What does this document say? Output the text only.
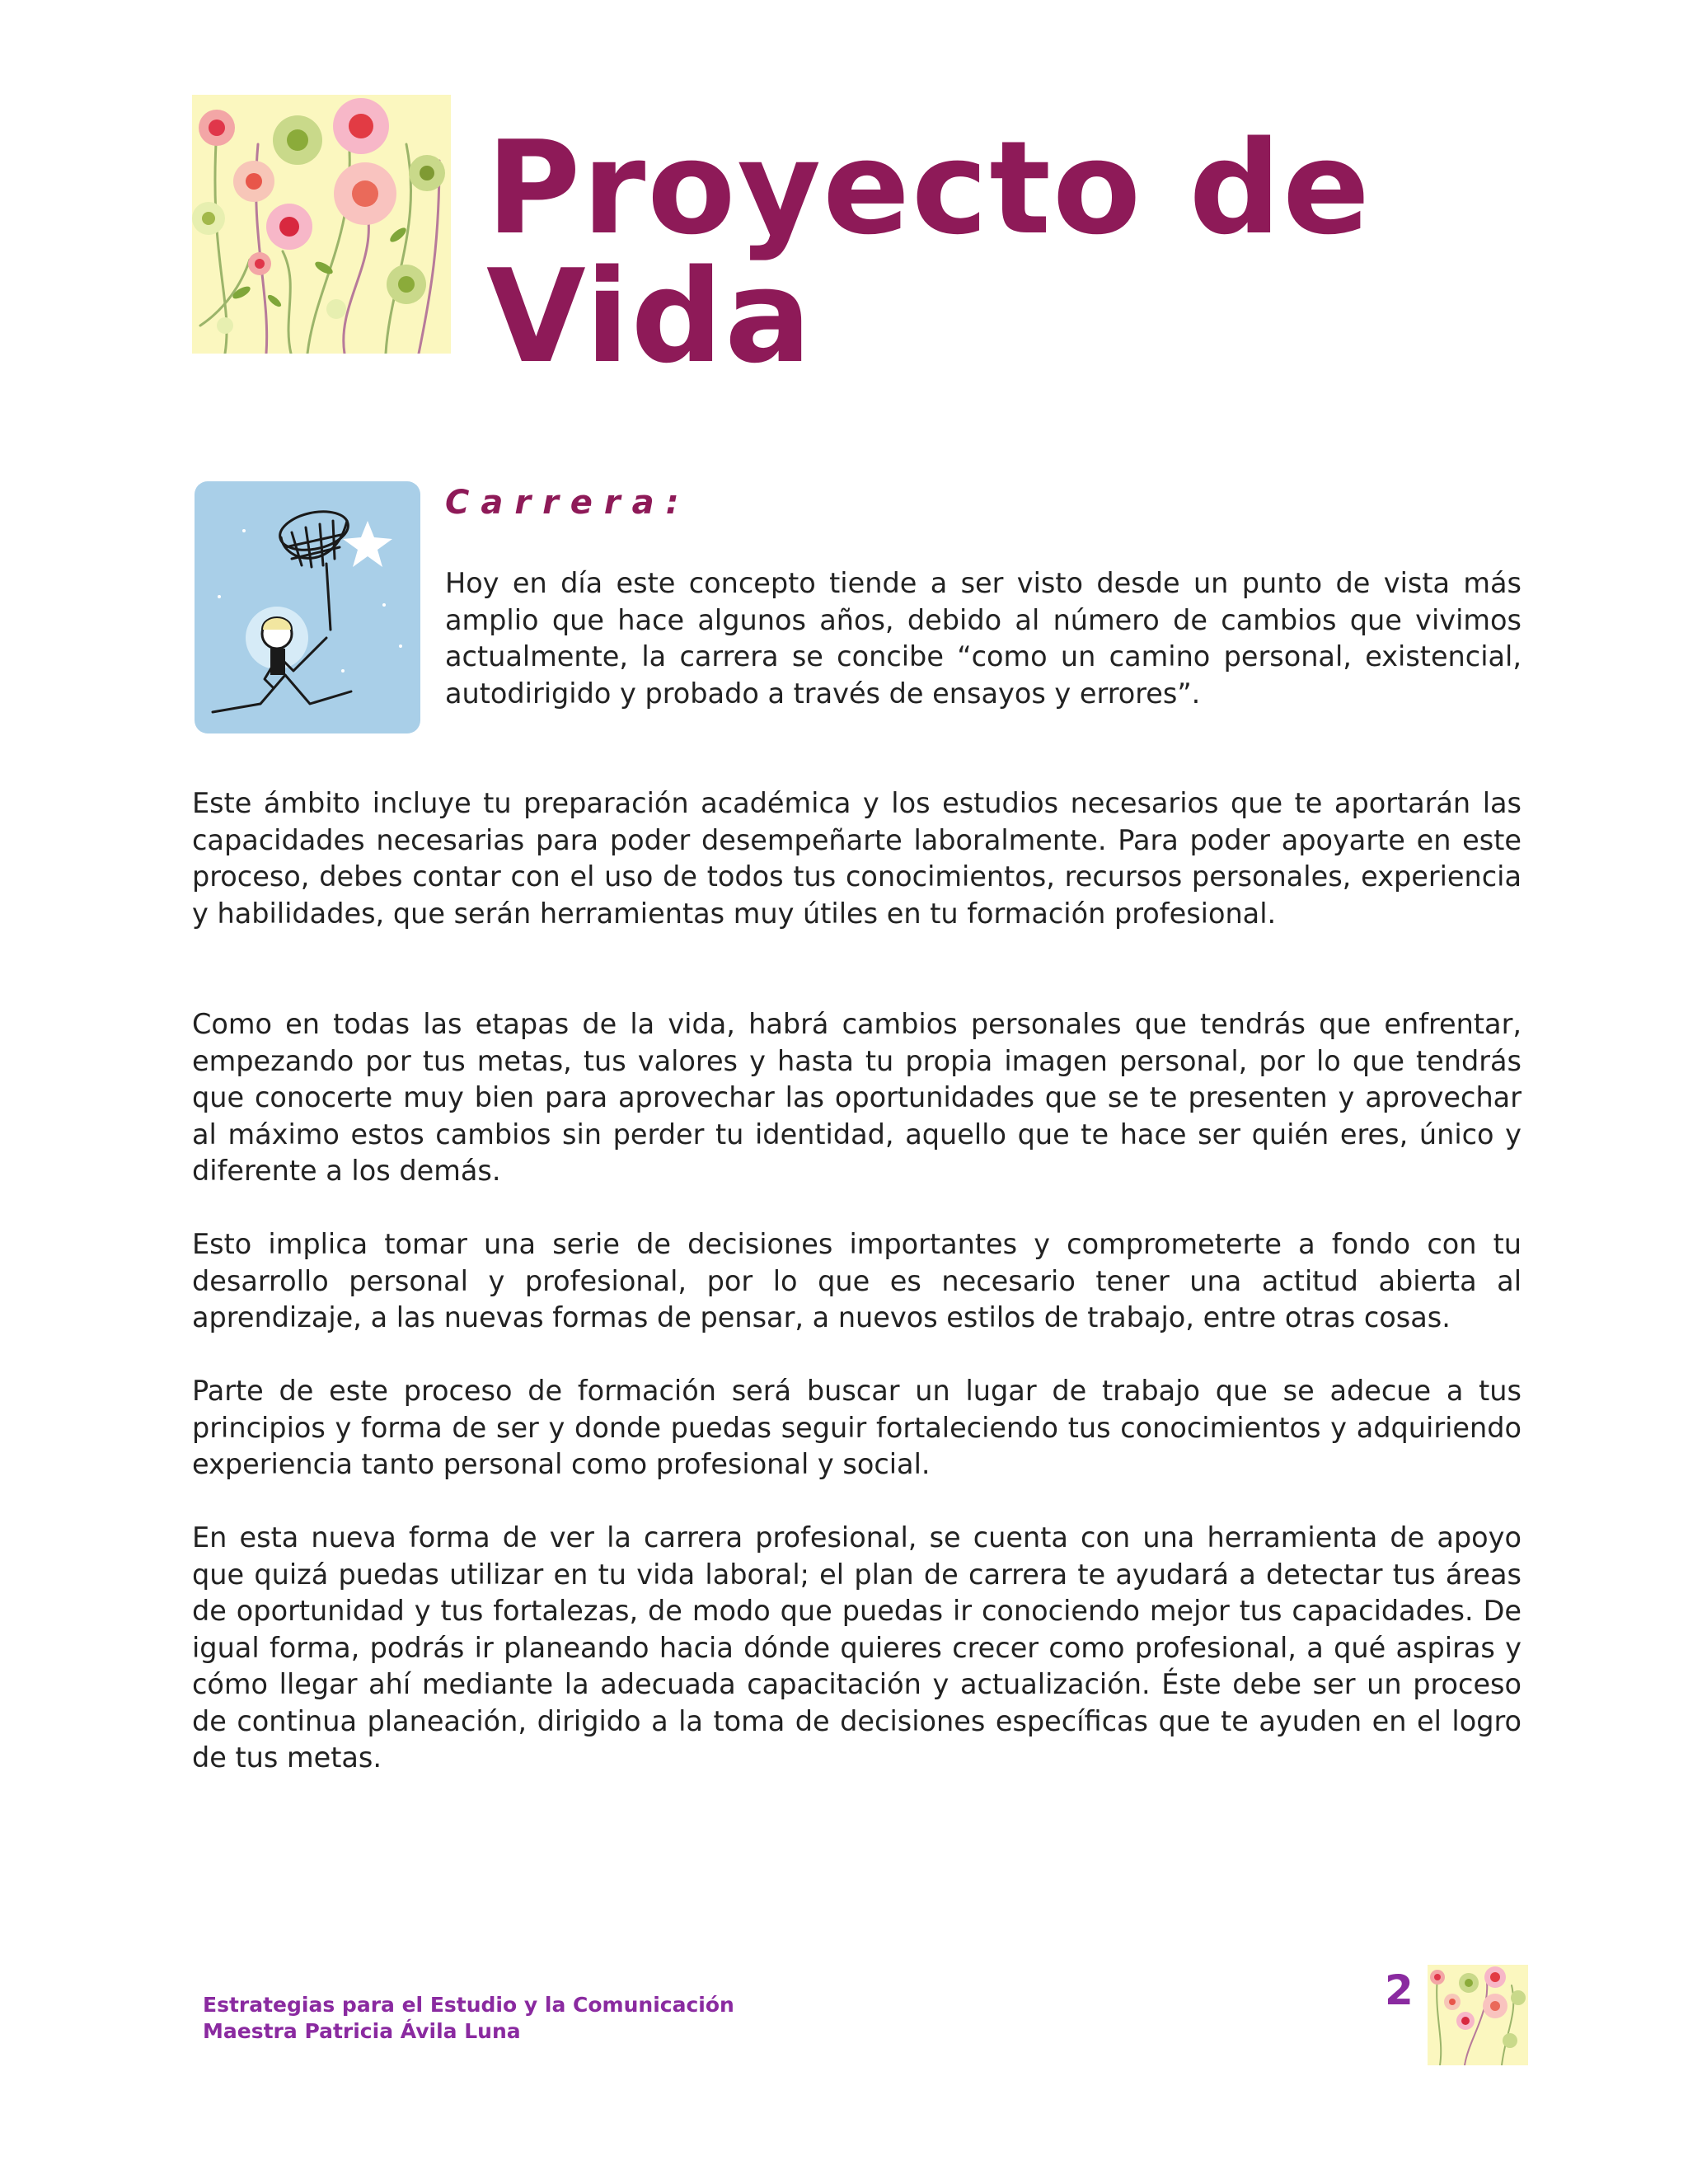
Proyecto de Vida
Carrera:

Hoy en día este concepto tiende a ser visto desde un punto de vista más amplio que hace algunos años, debido al número de cambios que vivimos actualmente, la carrera se concibe “como un camino personal, existencial, autodirigido y probado a través de ensayos y errores”.

Este ámbito incluye tu preparación académica y los estudios necesarios que te aportarán las capacidades necesarias para poder desempeñarte laboralmente. Para poder apoyarte en este proceso, debes contar con el uso de todos tus conocimientos, recursos personales, experiencia y habilidades, que serán herramientas muy útiles en tu formación profesional.

Como en todas las etapas de la vida, habrá cambios personales que tendrás que enfrentar, empezando por tus metas, tus valores y hasta tu propia imagen personal, por lo que tendrás que conocerte muy bien para aprovechar las oportunidades que se te presenten y aprovechar al máximo estos cambios sin perder tu identidad, aquello que te hace ser quién eres, único y diferente a los demás.

Esto implica tomar una serie de decisiones importantes y comprometerte a fondo con tu desarrollo personal y profesional, por lo que es necesario tener una actitud abierta al aprendizaje, a las nuevas formas de pensar, a nuevos estilos de trabajo, entre otras cosas.

Parte de este proceso de formación será buscar un lugar de trabajo que se adecue a tus principios y forma de ser y donde puedas seguir fortaleciendo tus conocimientos y adquiriendo experiencia tanto personal como profesional y social.

En esta nueva forma de ver la carrera profesional, se cuenta con una herramienta de apoyo que quizá puedas utilizar en tu vida laboral; el plan de carrera te ayudará a detectar tus áreas de oportunidad y tus fortalezas, de modo que puedas ir conociendo mejor tus capacidades. De igual forma, podrás ir planeando hacia dónde quieres crecer como profesional, a qué aspiras y cómo llegar ahí mediante la adecuada capacitación y actualización. Éste debe ser un proceso de continua planeación, dirigido a la toma de decisiones específicas que te ayuden en el logro de tus metas.

Estrategias para el Estudio y la Comunicación

Maestra Patricia Ávila Luna

2
